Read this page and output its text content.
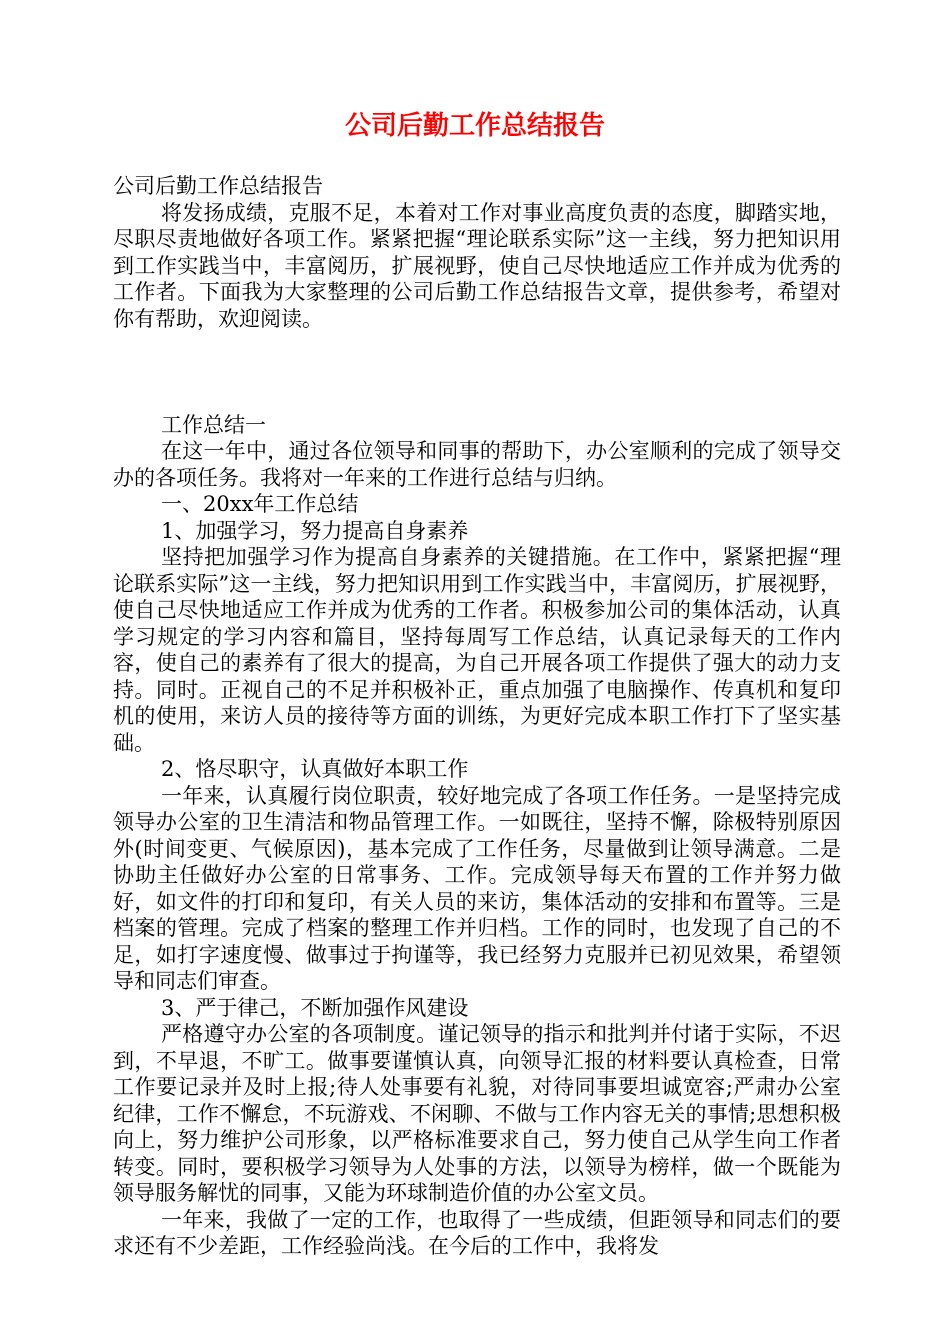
公司后勤工作总结报告

公司后勤工作总结报告

将发扬成绩，克服不足，本着对工作对事业高度负责的态度，脚踏实地，尽职尽责地做好各项工作。紧紧把握“理论联系实际”这一主线，努力把知识用到工作实践当中，丰富阅历，扩展视野，使自己尽快地适应工作并成为优秀的工作者。下面我为大家整理的公司后勤工作总结报告文章，提供参考，希望对你有帮助，欢迎阅读。

工作总结一

在这一年中，通过各位领导和同事的帮助下，办公室顺利的完成了领导交办的各项任务。我将对一年来的工作进行总结与归纳。

一、20xx年工作总结

1、加强学习，努力提高自身素养

坚持把加强学习作为提高自身素养的关键措施。在工作中，紧紧把握“理论联系实际”这一主线，努力把知识用到工作实践当中，丰富阅历，扩展视野，使自己尽快地适应工作并成为优秀的工作者。积极参加公司的集体活动，认真学习规定的学习内容和篇目，坚持每周写工作总结，认真记录每天的工作内容，使自己的素养有了很大的提高，为自己开展各项工作提供了强大的动力支持。同时。正视自己的不足并积极补正，重点加强了电脑操作、传真机和复印机的使用，来访人员的接待等方面的训练，为更好完成本职工作打下了坚实基础。

2、恪尽职守，认真做好本职工作

一年来，认真履行岗位职责，较好地完成了各项工作任务。一是坚持完成领导办公室的卫生清洁和物品管理工作。一如既往，坚持不懈，除极特别原因外(时间变更、气候原因)，基本完成了工作任务，尽量做到让领导满意。二是协助主任做好办公室的日常事务、工作。完成领导每天布置的工作并努力做好，如文件的打印和复印，有关人员的来访，集体活动的安排和布置等。三是档案的管理。完成了档案的整理工作并归档。工作的同时，也发现了自己的不足，如打字速度慢、做事过于拘谨等，我已经努力克服并已初见效果，希望领导和同志们审查。

3、严于律己，不断加强作风建设

严格遵守办公室的各项制度。谨记领导的指示和批判并付诸于实际，不迟到，不早退，不旷工。做事要谨慎认真，向领导汇报的材料要认真检查，日常工作要记录并及时上报;待人处事要有礼貌，对待同事要坦诚宽容;严肃办公室纪律，工作不懈怠，不玩游戏、不闲聊、不做与工作内容无关的事情;思想积极向上，努力维护公司形象，以严格标准要求自己，努力使自己从学生向工作者转变。同时，要积极学习领导为人处事的方法，以领导为榜样，做一个既能为领导服务解忧的同事，又能为环球制造价值的办公室文员。

一年来，我做了一定的工作，也取得了一些成绩，但距领导和同志们的要求还有不少差距，工作经验尚浅。在今后的工作中，我将发
